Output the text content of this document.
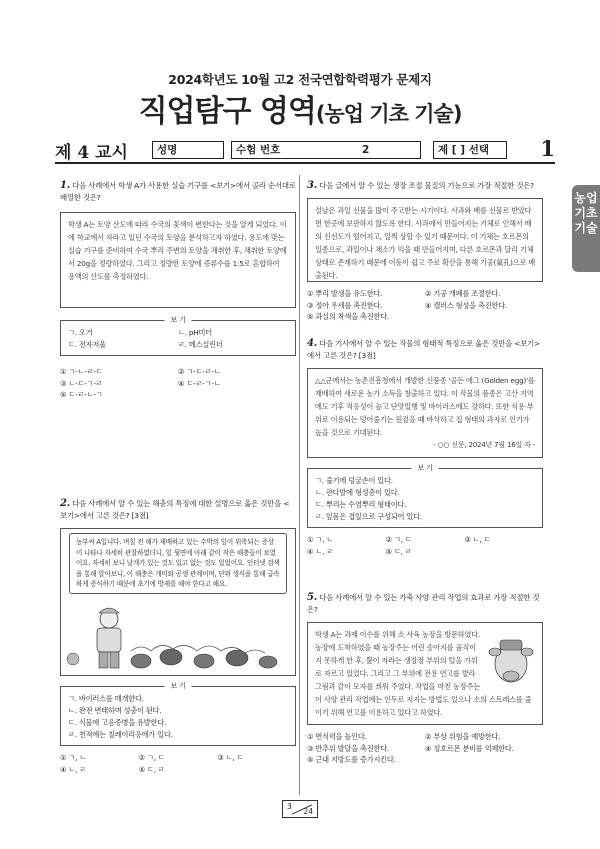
2024학년도 10월 고2 전국연합학력평가 문제지
직업탐구 영역(농업 기초 기술)
제 4 교시	성명	수험 번호	2	제 [ ] 선택	1
농업 기초 기술
1. 다음 사례에서 학생 A가 사용한 실습 기구를 <보기>에서 골라 순서대로 배열한 것은?
학생 A는 토양 산도에 따라 수국의 꽃색이 변한다는 것을 알게 되었다. 이에 학교에서 자라고 있던 수국의 토양을 분석하고자 하였다. 용도에 맞는 실습 기구를 준비하여 수국 뿌리 주변의 토양을 채취한 후, 채취한 토양에서 20g을 정량하였다. 그리고 정량한 토양에 증류수를 1:5로 혼합하여 용액의 산도를 측정하였다.
보 기
ㄱ. 오거	ㄴ. pH미터
ㄷ. 전자저울	ㄹ. 메스실린더
① ㄱ-ㄴ-ㄹ-ㄷ	② ㄱ-ㄷ-ㄹ-ㄴ
③ ㄴ-ㄷ-ㄱ-ㄹ	④ ㄷ-ㄹ-ㄱ-ㄴ
⑤ ㄷ-ㄹ-ㄴ-ㄱ
2. 다음 사례에서 알 수 있는 해충의 특징에 대한 설명으로 옳은 것만을 <보기>에서 고른 것은? [3점]
농부씨 A입니다. 며칠 전 해가 재배하고 있는 수박의 잎이 위축되는 증상이 나타나 자세히 관찰하였더니, 잎 뒷면에 아래 같이 작은 해충들이 보였어요. 자세히 보니 날개가 있는 것도 있고 없는 것도 있었어요. 인터넷 검색을 통해 알아보니, 이 해충은 개미와 공생 관계이며, 단위 생식을 통해 급속하게 증식하기 때문에 초기에 방제를 해야 한다고 해요.
보 기
ㄱ. 바이러스를 매개한다.
ㄴ. 완전 변태하며 성충이 된다.
ㄷ. 식물에 고음증병을 유발한다.
ㄹ. 천적에는 칠레이리응애가 있다.
① ㄱ, ㄴ	② ㄱ, ㄷ	③ ㄴ, ㄷ
④ ㄴ, ㄹ	⑤ ㄷ, ㄹ
3. 다음 글에서 알 수 있는 생장 조절 물질의 기능으로 가장 적절한 것은?
설날은 과일 선물을 많이 주고받는 시기이다. 사과와 배를 선물로 받았다면 한곳에 보관하지 않도록 한다. 사과에서 만들어지는 기체로 인해서 배의 신선도가 떨어지고, 일찍 상할 수 있기 때문이다. 이 기체는 호르몬의 일종으로, 과일이나 채소가 익을 때 만들어지며, 다른 호르몬과 달리 기체 상태로 존재하기 때문에 이동이 쉽고 주로 확산을 통해 기공(氣孔)으로 배출된다.
① 뿌리 발생을 유도한다.	② 기공 개폐를 조절한다.
③ 정아 우세를 촉진한다.	④ 캘러스 형성을 촉진한다.
⑤ 과실의 착색을 촉진한다.
4. 다음 기사에서 알 수 있는 작물의 형태적 특징으로 옳은 것만을 <보기>에서 고른 것은? [3점]
△△군에서는 농촌진흥청에서 개발한 신품종 '골든 에그 (Golden egg)'를 재배하여 새로운 농가 소득을 창출하고 있다. 이 작물의 품종은 고산 지역에도 기후 적응성이 높고 단맛있행 및 바이러스에도 강하다. 또한 식용·부위로 이용되는 덩어줄기는 원겉을 때 바삭하고 집 형태의 과자로 인기가 높을 것으로 기대된다.
- ○○ 신문, 2024년 7월 16일 자 -
보 기
ㄱ. 줄기에 덩굴손이 있다.
ㄴ. 관다발에 형성층이 있다.
ㄷ. 뿌리는 수염뿌리 형태이다.
ㄹ. 잎몸은 겹잎으로 구성되어 있다.
① ㄱ, ㄴ	② ㄱ, ㄷ	③ ㄴ, ㄷ
④ ㄴ, ㄹ	⑤ ㄷ, ㄹ
5. 다음 사례에서 알 수 있는 가축 사양 관리 작업의 효과로 가장 적절한 것은?
학생 A는 과제 이수를 위해 소 사육 농장을 방문하였다. 농장에 도착하였을 때 농장주는 어린 송아지를 움직이지 못하게 한 후, 뿔이 자라는 생장점 부위의 털을 가위로 자르고 있었다. 그리고 그 부위에 전용 연고를 발라 그림과 같이 모자를 씌워 주었다. 작업을 마친 농장주는 이 사양 관리 작업에는 인두로 지지는 방법도 있으나 소의 스트레스를 줄이기 위해 연고를 이용하고 있다고 하였다.
① 번식력을 높인다.	② 부상 위험을 예방한다.
③ 반추위 발달을 촉진한다.	④ 성호르몬 분비를 억제한다.
⑤ 근내 지방도를 증가시킨다.
3
24
